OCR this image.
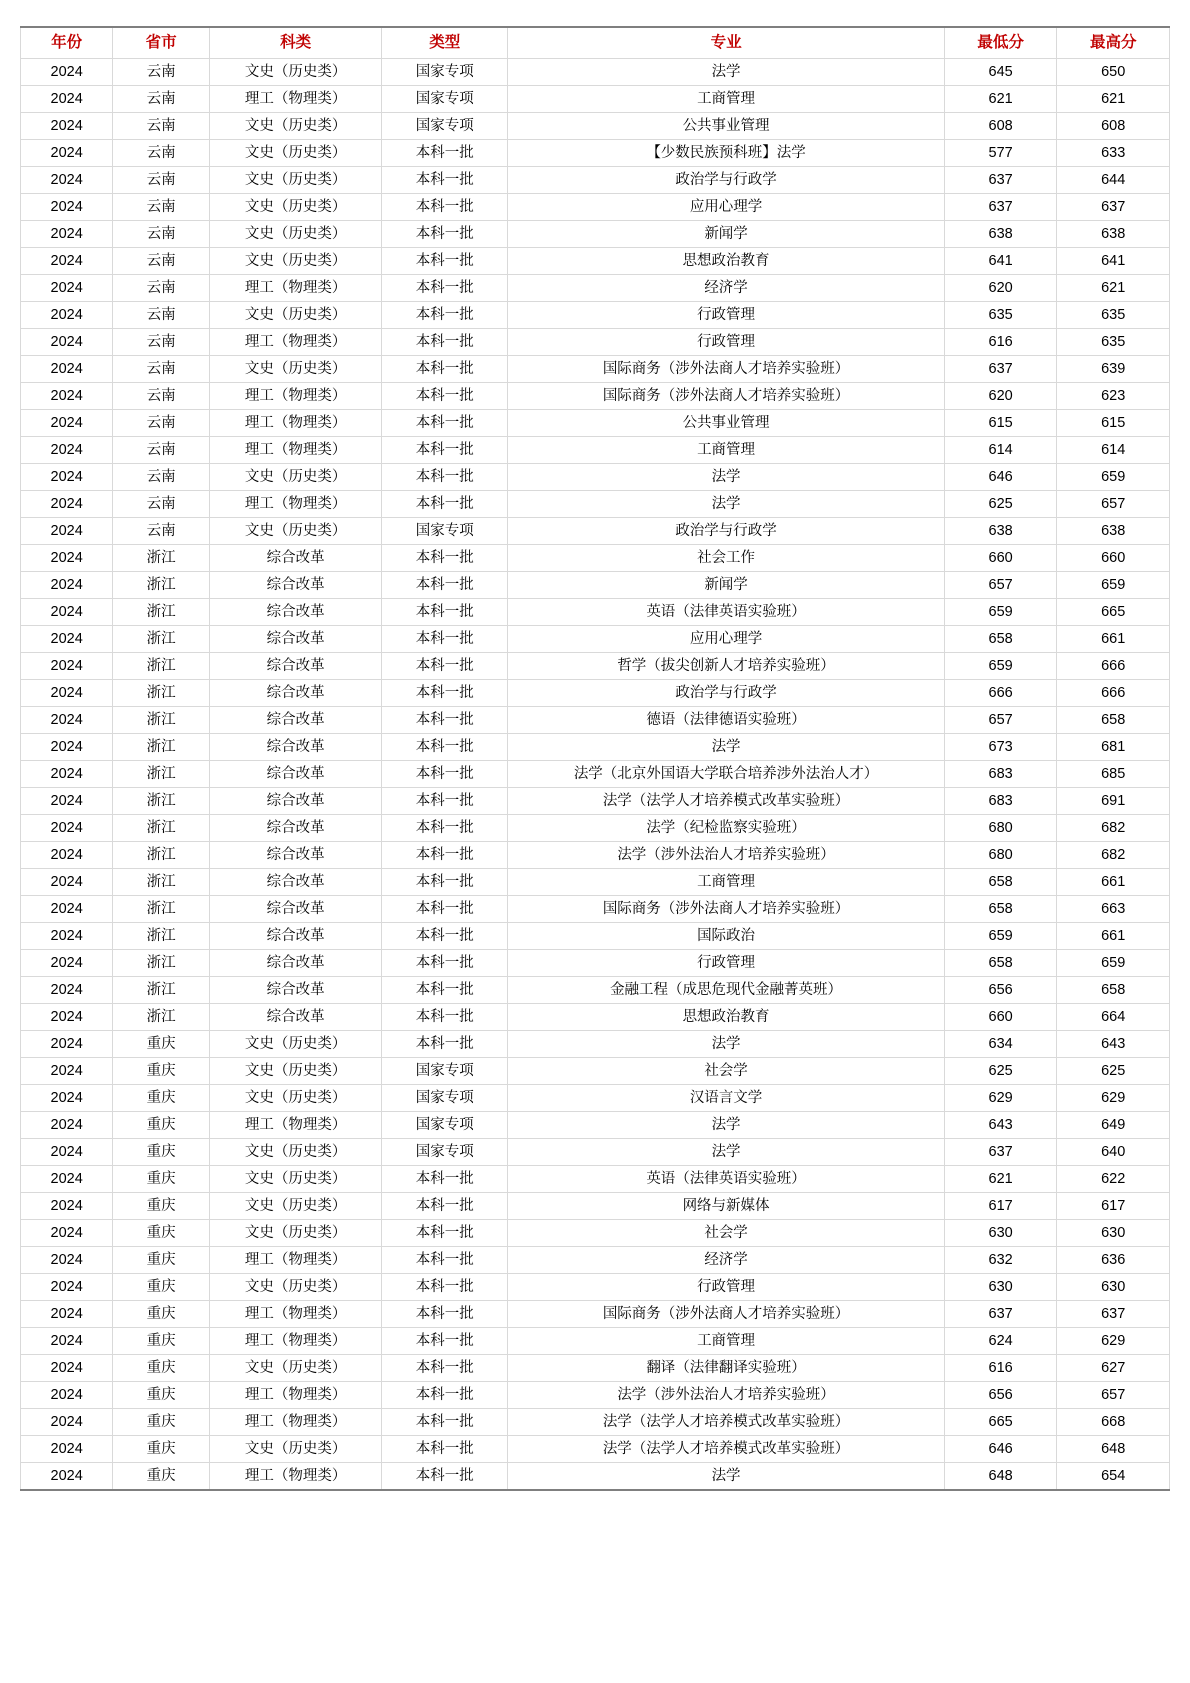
年份	省市	科类	类型	专业	最低分	最高分
2024	云南	文史（历史类）	国家专项	法学	645	650
2024	云南	理工（物理类）	国家专项	工商管理	621	621
2024	云南	文史（历史类）	国家专项	公共事业管理	608	608
2024	云南	文史（历史类）	本科一批	【少数民族预科班】法学	577	633
2024	云南	文史（历史类）	本科一批	政治学与行政学	637	644
2024	云南	文史（历史类）	本科一批	应用心理学	637	637
2024	云南	文史（历史类）	本科一批	新闻学	638	638
2024	云南	文史（历史类）	本科一批	思想政治教育	641	641
2024	云南	理工（物理类）	本科一批	经济学	620	621
2024	云南	文史（历史类）	本科一批	行政管理	635	635
2024	云南	理工（物理类）	本科一批	行政管理	616	635
2024	云南	文史（历史类）	本科一批	国际商务（涉外法商人才培养实验班）	637	639
2024	云南	理工（物理类）	本科一批	国际商务（涉外法商人才培养实验班）	620	623
2024	云南	理工（物理类）	本科一批	公共事业管理	615	615
2024	云南	理工（物理类）	本科一批	工商管理	614	614
2024	云南	文史（历史类）	本科一批	法学	646	659
2024	云南	理工（物理类）	本科一批	法学	625	657
2024	云南	文史（历史类）	国家专项	政治学与行政学	638	638
2024	浙江	综合改革	本科一批	社会工作	660	660
2024	浙江	综合改革	本科一批	新闻学	657	659
2024	浙江	综合改革	本科一批	英语（法律英语实验班）	659	665
2024	浙江	综合改革	本科一批	应用心理学	658	661
2024	浙江	综合改革	本科一批	哲学（拔尖创新人才培养实验班）	659	666
2024	浙江	综合改革	本科一批	政治学与行政学	666	666
2024	浙江	综合改革	本科一批	德语（法律德语实验班）	657	658
2024	浙江	综合改革	本科一批	法学	673	681
2024	浙江	综合改革	本科一批	法学（北京外国语大学联合培养涉外法治人才）	683	685
2024	浙江	综合改革	本科一批	法学（法学人才培养模式改革实验班）	683	691
2024	浙江	综合改革	本科一批	法学（纪检监察实验班）	680	682
2024	浙江	综合改革	本科一批	法学（涉外法治人才培养实验班）	680	682
2024	浙江	综合改革	本科一批	工商管理	658	661
2024	浙江	综合改革	本科一批	国际商务（涉外法商人才培养实验班）	658	663
2024	浙江	综合改革	本科一批	国际政治	659	661
2024	浙江	综合改革	本科一批	行政管理	658	659
2024	浙江	综合改革	本科一批	金融工程（成思危现代金融菁英班）	656	658
2024	浙江	综合改革	本科一批	思想政治教育	660	664
2024	重庆	文史（历史类）	本科一批	法学	634	643
2024	重庆	文史（历史类）	国家专项	社会学	625	625
2024	重庆	文史（历史类）	国家专项	汉语言文学	629	629
2024	重庆	理工（物理类）	国家专项	法学	643	649
2024	重庆	文史（历史类）	国家专项	法学	637	640
2024	重庆	文史（历史类）	本科一批	英语（法律英语实验班）	621	622
2024	重庆	文史（历史类）	本科一批	网络与新媒体	617	617
2024	重庆	文史（历史类）	本科一批	社会学	630	630
2024	重庆	理工（物理类）	本科一批	经济学	632	636
2024	重庆	文史（历史类）	本科一批	行政管理	630	630
2024	重庆	理工（物理类）	本科一批	国际商务（涉外法商人才培养实验班）	637	637
2024	重庆	理工（物理类）	本科一批	工商管理	624	629
2024	重庆	文史（历史类）	本科一批	翻译（法律翻译实验班）	616	627
2024	重庆	理工（物理类）	本科一批	法学（涉外法治人才培养实验班）	656	657
2024	重庆	理工（物理类）	本科一批	法学（法学人才培养模式改革实验班）	665	668
2024	重庆	文史（历史类）	本科一批	法学（法学人才培养模式改革实验班）	646	648
2024	重庆	理工（物理类）	本科一批	法学	648	654
